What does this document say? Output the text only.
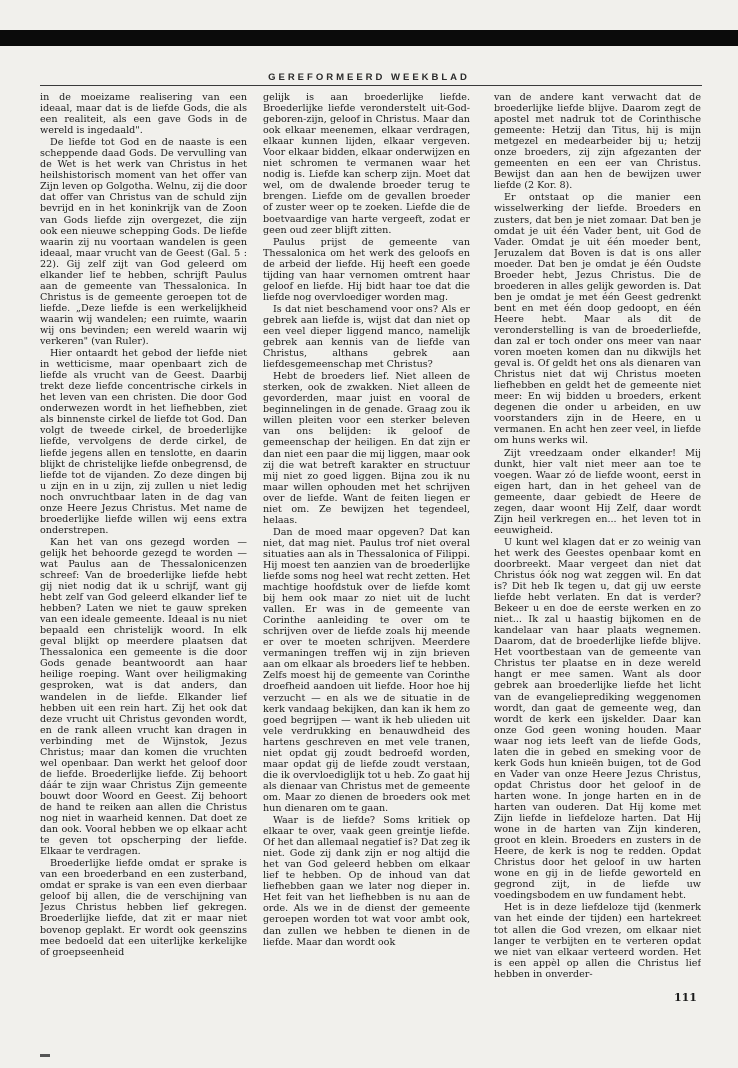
GEREFORMEERD WEEKBLAD

in de moeizame realisering van een ideaal, maar dat is de liefde Gods, die als een realiteit, als een gave Gods in de wereld is ingedaald".

De liefde tot God en de naaste is een scheppende daad Gods. De vervulling van de Wet is het werk van Christus in het heilshistorisch moment van het offer van Zijn leven op Golgotha. Welnu, zij die door dat offer van Christus van de schuld zijn bevrijd en in het koninkrijk van de Zoon van Gods liefde zijn overgezet, die zijn ook een nieuwe schepping Gods. De liefde waarin zij nu voortaan wandelen is geen ideaal, maar vrucht van de Geest (Gal. 5 : 22). Gij zelf zijt van God geleerd om elkander lief te hebben, schrijft Paulus aan de gemeente van Thessalonica. In Christus is de gemeente geroepen tot de liefde. „Deze liefde is een werkelijkheid waarin wij wandelen; een ruimte, waarin wij ons bevinden; een wereld waarin wij verkeren" (van Ruler).

Hier ontaardt het gebod der liefde niet in wetticisme, maar openbaart zich de liefde als vrucht van de Geest. Daarbij trekt deze liefde concentrische cirkels in het leven van een christen. Die door God onderwezen wordt in het liefhebben, ziet als binnenste cirkel de liefde tot God. Dan volgt de tweede cirkel, de broederlijke liefde, vervolgens de derde cirkel, de liefde jegens allen en tenslotte, en daarin blijkt de christelijke liefde onbegrensd, de liefde tot de vijanden. Zo deze dingen bij u zijn en in u zijn, zij zullen u niet ledig noch onvruchtbaar laten in de dag van onze Heere Jezus Christus. Met name de broederlijke liefde willen wij eens extra onderstrepen.

Kan het van ons gezegd worden — gelijk het behoorde gezegd te worden — wat Paulus aan de Thessalonicenzen schreef: Van de broederlijke liefde hebt gij niet nodig dat ik u schrijf, want gij hebt zelf van God geleerd elkander lief te hebben? Laten we niet te gauw spreken van een ideale gemeente. Ideaal is nu niet bepaald een christelijk woord. In elk geval blijkt op meerdere plaatsen dat Thessalonica een gemeente is die door Gods genade beantwoordt aan haar heilige roeping. Want over heiligmaking gesproken, wat is dat anders, dan wandelen in de liefde. Elkander lief hebben uit een rein hart. Zij het ook dat deze vrucht uit Christus gevonden wordt, en de rank alleen vrucht kan dragen in verbinding met de Wijnstok, Jezus Christus; maar dan komen die vruchten wel openbaar. Dan werkt het geloof door de liefde. Broederlijke liefde. Zij behoort dáár te zijn waar Christus Zijn gemeente bouwt door Woord en Geest. Zij behoort de hand te reiken aan allen die Christus nog niet in waarheid kennen. Dat doet ze dan ook. Vooral hebben we op elkaar acht te geven tot opscherping der liefde. Elkaar te verdragen.

Broederlijke liefde omdat er sprake is van een broederband en een zusterband, omdat er sprake is van een even dierbaar geloof bij allen, die de verschijning van Jezus Christus hebben lief gekregen. Broederlijke liefde, dat zit er maar niet bovenop geplakt. Er wordt ook geenszins mee bedoeld dat een uiterlijke kerkelijke of groepseenheid

gelijk is aan broederlijke liefde. Broederlijke liefde veronderstelt uit-God-geboren-zijn, geloof in Christus. Maar dan ook elkaar meenemen, elkaar verdragen, elkaar kunnen lijden, elkaar vergeven. Voor elkaar bidden, elkaar onderwijzen en niet schromen te vermanen waar het nodig is. Liefde kan scherp zijn. Moet dat wel, om de dwalende broeder terug te brengen. Liefde om de gevallen broeder of zuster weer op te zoeken. Liefde die de boetvaardige van harte vergeeft, zodat er geen oud zeer blijft zitten.

Paulus prijst de gemeente van Thessalonica om het werk des geloofs en de arbeid der liefde. Hij heeft een goede tijding van haar vernomen omtrent haar geloof en liefde. Hij bidt haar toe dat die liefde nog overvloediger worden mag.

Is dat niet beschamend voor ons? Als er gebrek aan liefde is, wijst dat dan niet op een veel dieper liggend manco, namelijk gebrek aan kennis van de liefde van Christus, althans gebrek aan liefdesgemeenschap met Christus?

Hebt de broeders lief. Niet alleen de sterken, ook de zwakken. Niet alleen de gevorderden, maar juist en vooral de beginnelingen in de genade. Graag zou ik willen pleiten voor een sterker beleven van ons belijden: ik geloof de gemeenschap der heiligen. En dat zijn er dan niet een paar die mij liggen, maar ook zij die wat betreft karakter en structuur mij niet zo goed liggen. Bijna zou ik nu maar willen ophouden met het schrijven over de liefde. Want de feiten liegen er niet om. Ze bewijzen het tegendeel, helaas.

Dan de moed maar opgeven? Dat kan niet, dat mag niet. Paulus trof niet overal situaties aan als in Thessalonica of Filippi. Hij moest ten aanzien van de broederlijke liefde soms nog heel wat recht zetten. Het machtige hoofdstuk over de liefde komt bij hem ook maar zo niet uit de lucht vallen. Er was in de gemeente van Corinthe aanleiding te over om te schrijven over de liefde zoals hij meende er over te moeten schrijven. Meerdere vermaningen treffen wij in zijn brieven aan om elkaar als broeders lief te hebben. Zelfs moest hij de gemeente van Corinthe droefheid aandoen uit liefde. Hoor hoe hij verzucht — en als we de situatie in de kerk vandaag bekijken, dan kan ik hem zo goed begrijpen — want ik heb ulieden uit vele verdrukking en benauwdheid des hartens geschreven en met vele tranen, niet opdat gij zoudt bedroefd worden, maar opdat gij de liefde zoudt verstaan, die ik overvloediglijk tot u heb. Zo gaat hij als dienaar van Christus met de gemeente om. Maar zo dienen de broeders ook met hun dienaren om te gaan.

Waar is de liefde? Soms kritiek op elkaar te over, vaak geen greintje liefde. Of het dan allemaal negatief is? Dat zeg ik niet. Gode zij dank zijn er nog altijd die het van God geleerd hebben om elkaar lief te hebben. Op de inhoud van dat liefhebben gaan we later nog dieper in. Het feit van het liefhebben is nu aan de orde. Als we in de dienst der gemeente geroepen worden tot wat voor ambt ook, dan zullen we hebben te dienen in de liefde. Maar dan wordt ook

van de andere kant verwacht dat de broederlijke liefde blijve. Daarom zegt de apostel met nadruk tot de Corinthische gemeente: Hetzij dan Titus, hij is mijn metgezel en medearbeider bij u; hetzij onze broeders, zij zijn afgezanten der gemeenten en een eer van Christus. Bewijst dan aan hen de bewijzen uwer liefde (2 Kor. 8).

Er ontstaat op die manier een wisselwerking der liefde. Broeders en zusters, dat ben je niet zomaar. Dat ben je omdat je uit één Vader bent, uit God de Vader. Omdat je uit één moeder bent, Jeruzalem dat Boven is dat is ons aller moeder. Dat ben je omdat je één Oudste Broeder hebt, Jezus Christus. Die de broederen in alles gelijk geworden is. Dat ben je omdat je met één Geest gedrenkt bent en met één doop gedoopt, en één Heere hebt. Maar als dit de veronderstelling is van de broederliefde, dan zal er toch onder ons meer van naar voren moeten komen dan nu dikwijls het geval is. Of geldt het ons als dienaren van Christus niet dat wij Christus moeten liefhebben en geldt het de gemeente niet meer: En wij bidden u broeders, erkent degenen die onder u arbeiden, en uw voorstanders zijn in de Heere, en u vermanen. En acht hen zeer veel, in liefde om huns werks wil.

Zijt vreedzaam onder elkander! Mij dunkt, hier valt niet meer aan toe te voegen. Waar zó de liefde woont, eerst in eigen hart, dan in het geheel van de gemeente, daar gebiedt de Heere de zegen, daar woont Hij Zelf, daar wordt Zijn heil verkregen en... het leven tot in eeuwigheid.

U kunt wel klagen dat er zo weinig van het werk des Geestes openbaar komt en doorbreekt. Maar vergeet dan niet dat Christus óók nog wat zeggen wil. En dat is? Dit heb Ik tegen u, dat gij uw eerste liefde hebt verlaten. En dat is verder? Bekeer u en doe de eerste werken en zo niet... Ik zal u haastig bijkomen en de kandelaar van haar plaats wegnemen. Daarom, dat de broederlijke liefde blijve. Het voortbestaan van de gemeente van Christus ter plaatse en in deze wereld hangt er mee samen. Want als door gebrek aan broederlijke liefde het licht van de evangelieprediking weggenomen wordt, dan gaat de gemeente weg, dan wordt de kerk een ijskelder. Daar kan onze God geen woning houden. Maar waar nog iets leeft van de liefde Gods, laten die in gebed en smeking voor de kerk Gods hun knieën buigen, tot de God en Vader van onze Heere Jezus Christus, opdat Christus door het geloof in de harten wone. In jonge harten en in de harten van ouderen. Dat Hij kome met Zijn liefde in liefdeloze harten. Dat Hij wone in de harten van Zijn kinderen, groot en klein. Broeders en zusters in de Heere, de kerk is nog te redden. Opdat Christus door het geloof in uw harten wone en gij in de liefde geworteld en gegrond zijt, in de liefde uw voedingsbodem en uw fundament hebt.

Het is in deze liefdeloze tijd (kenmerk van het einde der tijden) een hartekreet tot allen die God vrezen, om elkaar niet langer te verbijten en te verteren opdat we niet van elkaar verteerd worden. Het is een appèl op allen die Christus lief hebben in onverder-

111
